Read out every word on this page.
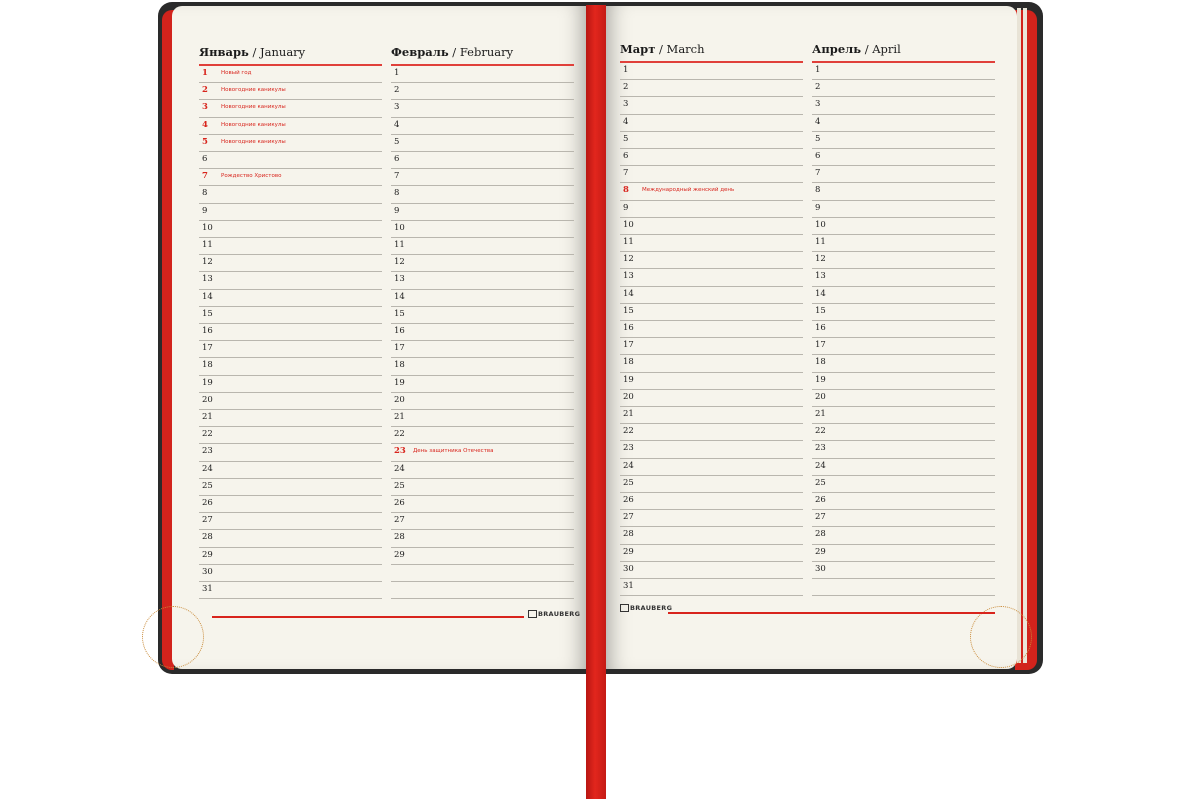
Январь / January
1 Новый год
2 Новогодние каникулы
3 Новогодние каникулы
4 Новогодние каникулы
5 Новогодние каникулы
6
7 Рождество Христово
8
9
10
11
12
13
14
15
16
17
18
19
20
21
22
23
24
25
26
27
28
29
30
31
Февраль / February
1
2
3
4
5
6
7
8
9
10
11
12
13
14
15
16
17
18
19
20
21
22
23 День защитника Отечества
24
25
26
27
28
29
Март / March
1
2
3
4
5
6
7
8 Международный женский день
9
10
11
12
13
14
15
16
17
18
19
20
21
22
23
24
25
26
27
28
29
30
31
Апрель / April
1
2
3
4
5
6
7
8
9
10
11
12
13
14
15
16
17
18
19
20
21
22
23
24
25
26
27
28
29
30
BRAUBERG
BRAUBERG
